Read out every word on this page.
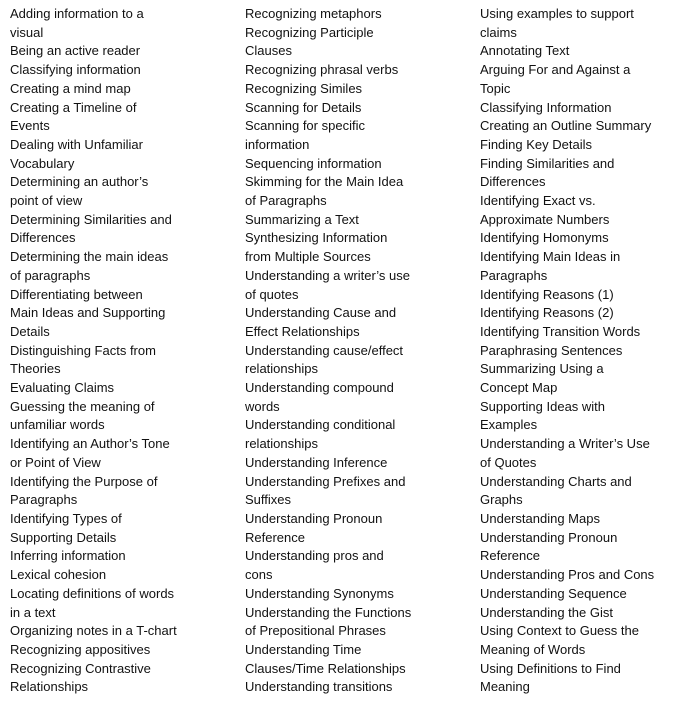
Adding information to a
visual
Being an active reader
Classifying information
Creating a mind map
Creating a Timeline of
Events
Dealing with Unfamiliar
Vocabulary
Determining an author’s
point of view
Determining Similarities and
Differences
Determining the main ideas
of paragraphs
Differentiating between
Main Ideas and Supporting
Details
Distinguishing Facts from
Theories
Evaluating Claims
Guessing the meaning of
unfamiliar words
Identifying an Author’s Tone
or Point of View
Identifying the Purpose of
Paragraphs
Identifying Types of
Supporting Details
Inferring information
Lexical cohesion
Locating definitions of words
in a text
Organizing notes in a T-chart
Recognizing appositives
Recognizing Contrastive
Relationships
Recognizing metaphors
Recognizing Participle
Clauses
Recognizing phrasal verbs
Recognizing Similes
Scanning for Details
Scanning for specific
information
Sequencing information
Skimming for the Main Idea
of Paragraphs
Summarizing a Text
Synthesizing Information
from Multiple Sources
Understanding a writer’s use
of quotes
Understanding Cause and
Effect Relationships
Understanding cause/effect
relationships
Understanding compound
words
Understanding conditional
relationships
Understanding Inference
Understanding Prefixes and
Suffixes
Understanding Pronoun
Reference
Understanding pros and
cons
Understanding Synonyms
Understanding the Functions
of Prepositional Phrases
Understanding Time
Clauses/Time Relationships
Understanding transitions
Using examples to support
claims
Annotating Text
Arguing For and Against a
Topic
Classifying Information
Creating an Outline Summary
Finding Key Details
Finding Similarities and
Differences
Identifying Exact vs.
Approximate Numbers
Identifying Homonyms
Identifying Main Ideas in
Paragraphs
Identifying Reasons (1)
Identifying Reasons (2)
Identifying Transition Words
Paraphrasing Sentences
Summarizing Using a
Concept Map
Supporting Ideas with
Examples
Understanding a Writer’s Use
of Quotes
Understanding Charts and
Graphs
Understanding Maps
Understanding Pronoun
Reference
Understanding Pros and Cons
Understanding Sequence
Understanding the Gist
Using Context to Guess the
Meaning of Words
Using Definitions to Find
Meaning
